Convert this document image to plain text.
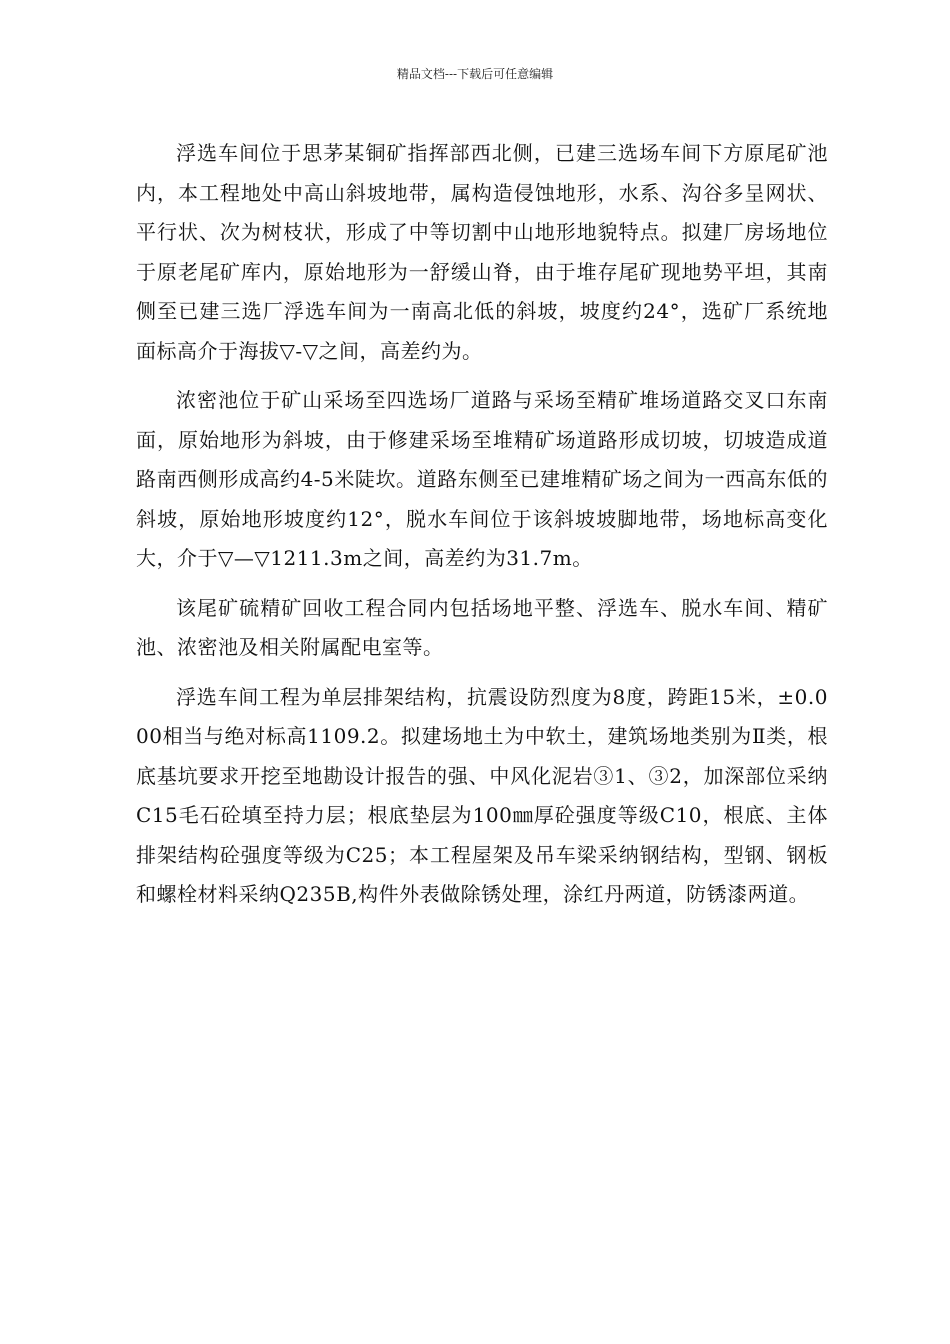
精品文档---下载后可任意编辑

浮选车间位于思茅某铜矿指挥部西北侧，已建三选场车间下方原尾矿池内，本工程地处中高山斜坡地带，属构造侵蚀地形，水系、沟谷多呈网状、平行状、次为树枝状，形成了中等切割中山地形地貌特点。拟建厂房场地位于原老尾矿库内，原始地形为一舒缓山脊，由于堆存尾矿现地势平坦，其南侧至已建三选厂浮选车间为一南高北低的斜坡，坡度约24°，选矿厂系统地面标高介于海拔▽-▽之间，高差约为。

浓密池位于矿山采场至四选场厂道路与采场至精矿堆场道路交叉口东南面，原始地形为斜坡，由于修建采场至堆精矿场道路形成切坡，切坡造成道路南西侧形成高约4-5米陡坎。道路东侧至已建堆精矿场之间为一西高东低的斜坡，原始地形坡度约12°，脱水车间位于该斜坡坡脚地带，场地标高变化大，介于▽—▽1211.3m之间，高差约为31.7m。

该尾矿硫精矿回收工程合同内包括场地平整、浮选车、脱水车间、精矿池、浓密池及相关附属配电室等。

浮选车间工程为单层排架结构，抗震设防烈度为8度，跨距15米，±0.000相当与绝对标高1109.2。拟建场地土为中软土，建筑场地类别为Ⅱ类，根底基坑要求开挖至地勘设计报告的强、中风化泥岩③1、③2，加深部位采纳C15毛石砼填至持力层；根底垫层为100㎜厚砼强度等级C10，根底、主体排架结构砼强度等级为C25；本工程屋架及吊车梁采纳钢结构，型钢、钢板和螺栓材料采纳Q235B,构件外表做除锈处理，涂红丹两道，防锈漆两道。
